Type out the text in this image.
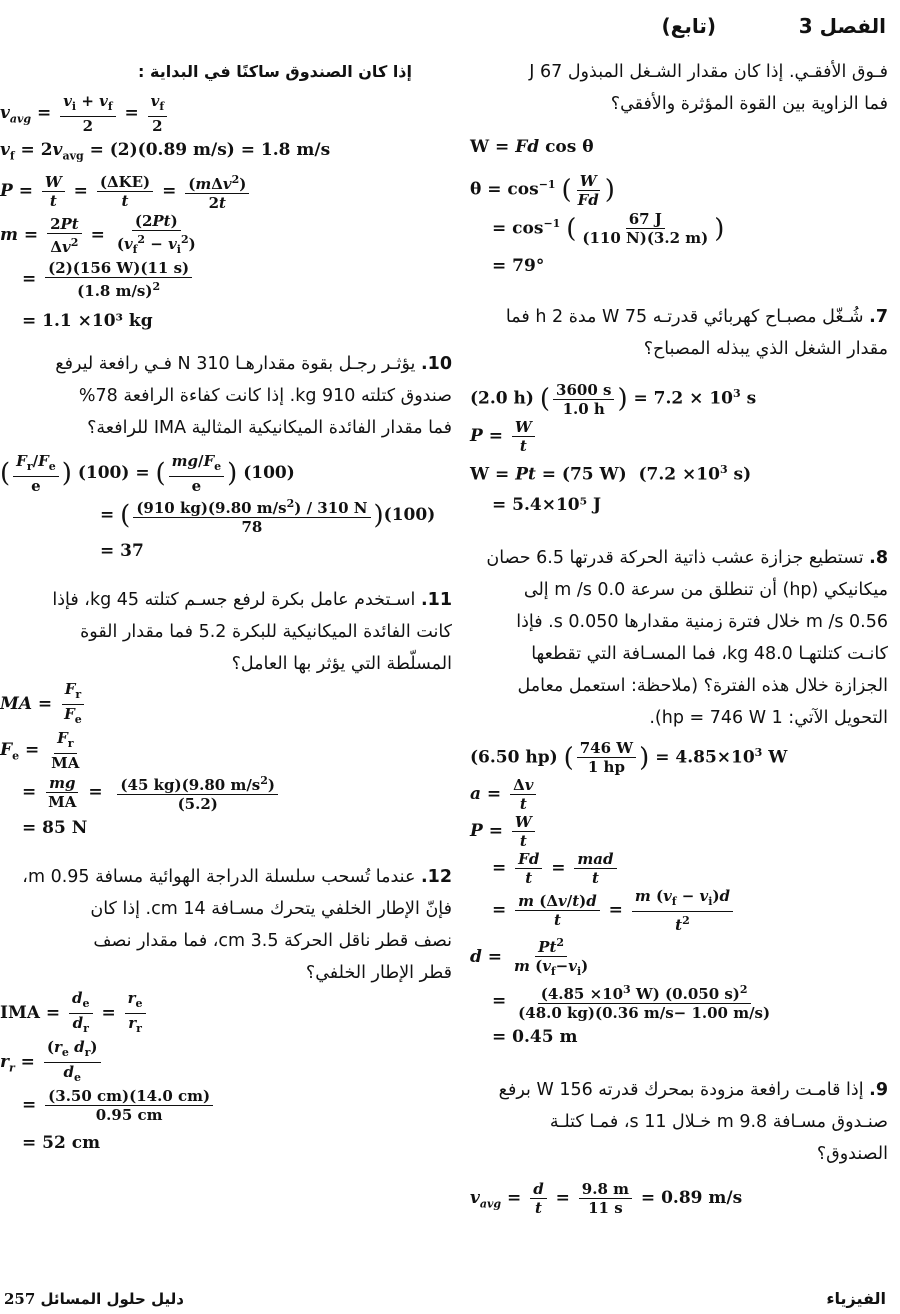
الفصل 3
(تابع)
فـوق الأفقـي. إذا كان مقدار الشـغل المبذول 67 J
فما الزاوية بين القوة المؤثرة والأفقي؟
W = Fd cos θ
$\theta = \cos^{-1}$ ( $\frac{W}{Fd}$ )
= $\cos^{-1}$ ( $\frac{67 J}{(110 N)(3.2 m)}$ )
= 79°
7. شُـغّل مصبـاح كهربائي قدرتـه 75 W مدة 2 h فما
مقدار الشغل الذي يبذله المصباح؟
(2.0 h) ( $\frac{3600 s}{1.0 h}$ ) = $7.2 \times 10^3$ s
$P = \frac{W}{t}$
W = Pt = (75 W)  ($7.2 \times 10^3$ s)
= 5.4×10⁵ J
8. تستطيع جزازة عشب ذاتية الحركة قدرتها 6.5 حصان
ميكانيكي (hp) أن تنطلق من سرعة 0.0 m /s إلى
0.56 m /s خلال فترة زمنية مقدارها 0.050 s. فإذا
كانـت كتلتهـا 48.0 kg، فما المسـافة التي تقطعها
الجزازة خلال هذه الفترة؟ (ملاحظة: استعمل معامل
التحويل الآتي: 1 hp = 746 W).
(6.50 hp) ( $\frac{746 W}{1 hp}$ ) = $4.85\times 10^3$ W
$a = \frac{\Delta v}{t}$
$P = \frac{W}{t}$
= $\frac{Fd}{t} = \frac{\text{mad}}{t}$
= $\frac{m (\Delta v/t)d}{t} = \frac{m (v_f - v_i)d}{t^2}$
$d = \frac{Pt^2}{m (v_f-v_i)}$
= $\frac{(4.85 \times 10^3 W) (0.050 s)^2}{(48.0 kg)(0.36 m/s- 1.00 m/s)}$
= 0.45 m
9. إذا قامـت رافعة مزودة بمحرك قدرته 156 W برفع
صنـدوق مسـافة 9.8 m خـلال 11 s، فمـا كتلـة
الصندوق؟
$v_{avg} = \frac{d}{t} = \frac{9.8 m}{11 s} = 0.89$ m/s
إذا كان الصندوق ساكنًا في البداية :
$v_{avg} = \frac{v_i + v_f}{2} = \frac{v_f}{2}$
$v_f = 2v_{avg} = (2)(0.89$ m/s) = 1.8 m/s
$P = \frac{W}{t} = \frac{\text{(ΔKE)}}{t} = \frac{(m\Delta v^2)}{2t}$
$m = \frac{2Pt}{\Delta v^2} = \frac{(2Pt)}{(v_f^2 - v_i^2)}$
= $\frac{(2)(156 W)(11 s)}{(1.8 m/s)^2}$
= 1.1 ×10³ kg
10. يؤثـر رجـل بقوة مقدارهـا 310 N فـي رافعة ليرفع
صندوق كتلته 910 kg. إذا كانت كفاءة الرافعة 78%
فما مقدار الفائدة الميكانيكية المثالية IMA للرافعة؟
( $\frac{F_r/F_e}{e}$ ) (100) = ( $\frac{mg/F_e}{e}$ ) (100)
= ( $\frac{(910 kg)(9.80 m/s^2) / 310 N}{78} )(100)$
= 37
11. اسـتخدم عامل بكرة لرفع جسـم كتلته 45 kg، فإذا
كانت الفائدة الميكانيكية للبكرة 5.2 فما مقدار القوة
المسلّطة التي يؤثر بها العامل؟
MA = $\frac{F_r}{F_e}$
$F_e = \frac{F_r}{MA}$
= $\frac{mg}{MA} = \frac{(45 kg)(9.80 m/s^2)}{(5.2)}$
= 85 N
12. عندما تُسحب سلسلة الدراجة الهوائية مسافة 0.95 m،
فإنّ الإطار الخلفي يتحرك مسـافة 14 cm. إذا كان
نصف قطر ناقل الحركة 3.5 cm، فما مقدار نصف
قطر الإطار الخلفي؟
IMA = $\frac{d_e}{d_r} = \frac{r_e}{r_r}$
$r_r = \frac{(r_e d_r)}{d_e}$
= $\frac{(3.50 cm)(14.0 cm)}{0.95 cm}$
= 52 cm
الفيزياء
دليل حلول المسائل 257
